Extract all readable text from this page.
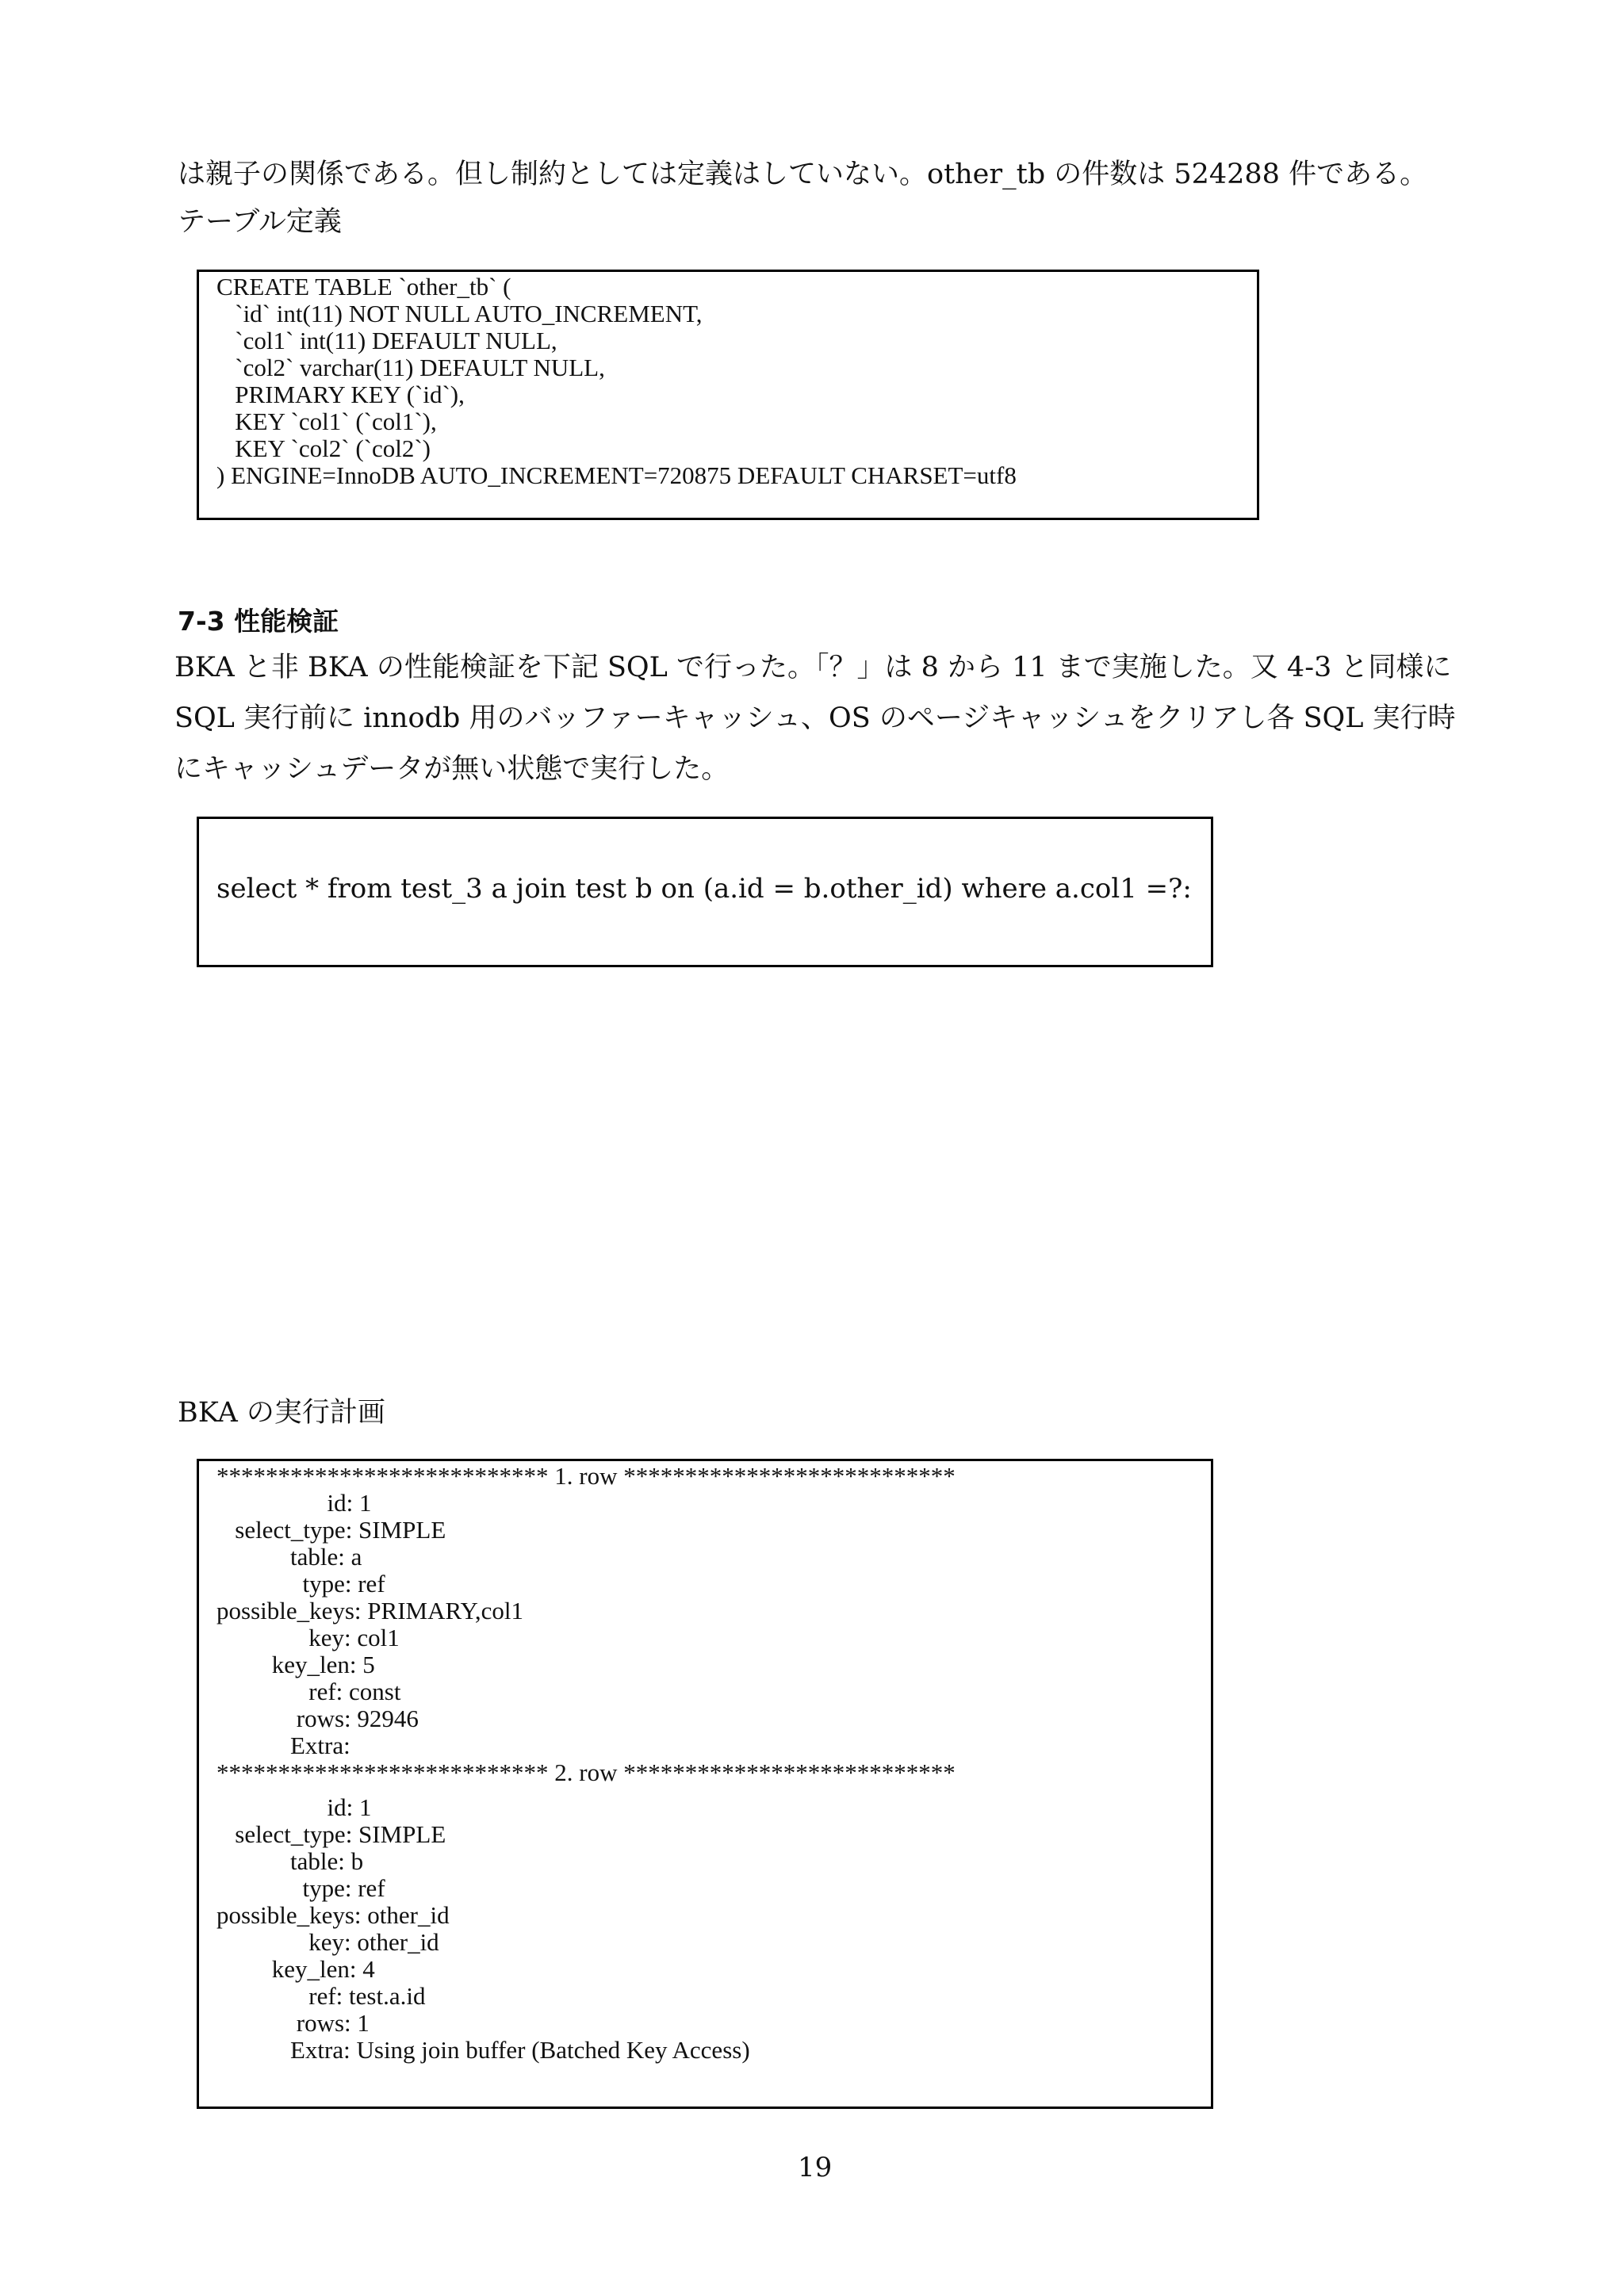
は親子の関係である。但し制約としては定義はしていない。other_tb の件数は 524288 件である。
テーブル定義
CREATE TABLE `other_tb` (
`id` int(11) NOT NULL AUTO_INCREMENT,
`col1` int(11) DEFAULT NULL,
`col2` varchar(11) DEFAULT NULL,
PRIMARY KEY (`id`),
KEY `col1` (`col1`),
KEY `col2` (`col2`)
) ENGINE=InnoDB AUTO_INCREMENT=720875 DEFAULT CHARSET=utf8
7-3 性能検証
BKA と非 BKA の性能検証を下記 SQL で行った。「？」は 8 から 11 まで実施した。又 4-3 と同様に
SQL 実行前に innodb 用のバッファーキャッシュ、OS のページキャッシュをクリアし各 SQL 実行時
にキャッシュデータが無い状態で実行した。
select * from test_3 a join test b on (a.id = b.other_id) where a.col1 =?:
BKA の実行計画
*************************** 1. row ***************************
id: 1
select_type: SIMPLE
table: a
type: ref
possible_keys: PRIMARY,col1
key: col1
key_len: 5
ref: const
rows: 92946
Extra:
*************************** 2. row ***************************
id: 1
select_type: SIMPLE
table: b
type: ref
possible_keys: other_id
key: other_id
key_len: 4
ref: test.a.id
rows: 1
Extra: Using join buffer (Batched Key Access)
19
